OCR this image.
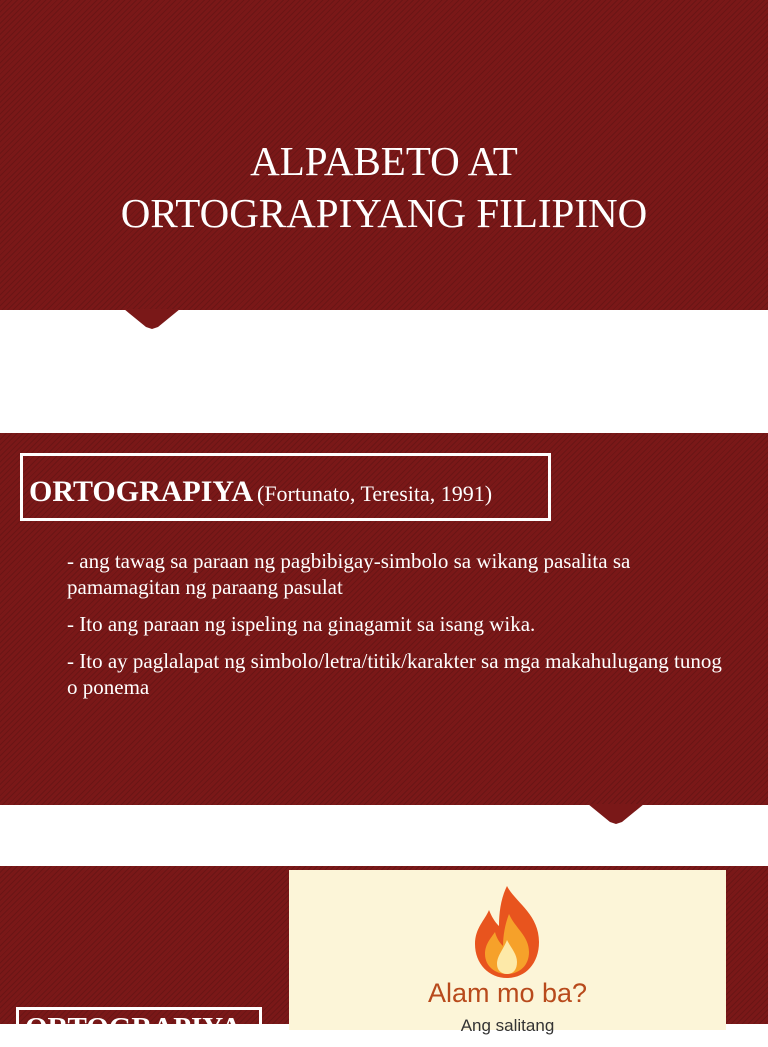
ALPABETO AT
ORTOGRAPIYANG FILIPINO
ORTOGRAPIYA (Fortunato, Teresita, 1991)
- ang tawag sa paraan ng pagbibigay-simbolo sa wikang pasalita sa pamamagitan ng paraang pasulat
- Ito ang paraan ng ispeling na ginagamit sa isang wika.
- Ito ay paglalapat ng simbolo/letra/titik/karakter sa mga makahulugang tunog o ponema
Alam mo ba?
Ang salitang
ORTOGRAPIYA
